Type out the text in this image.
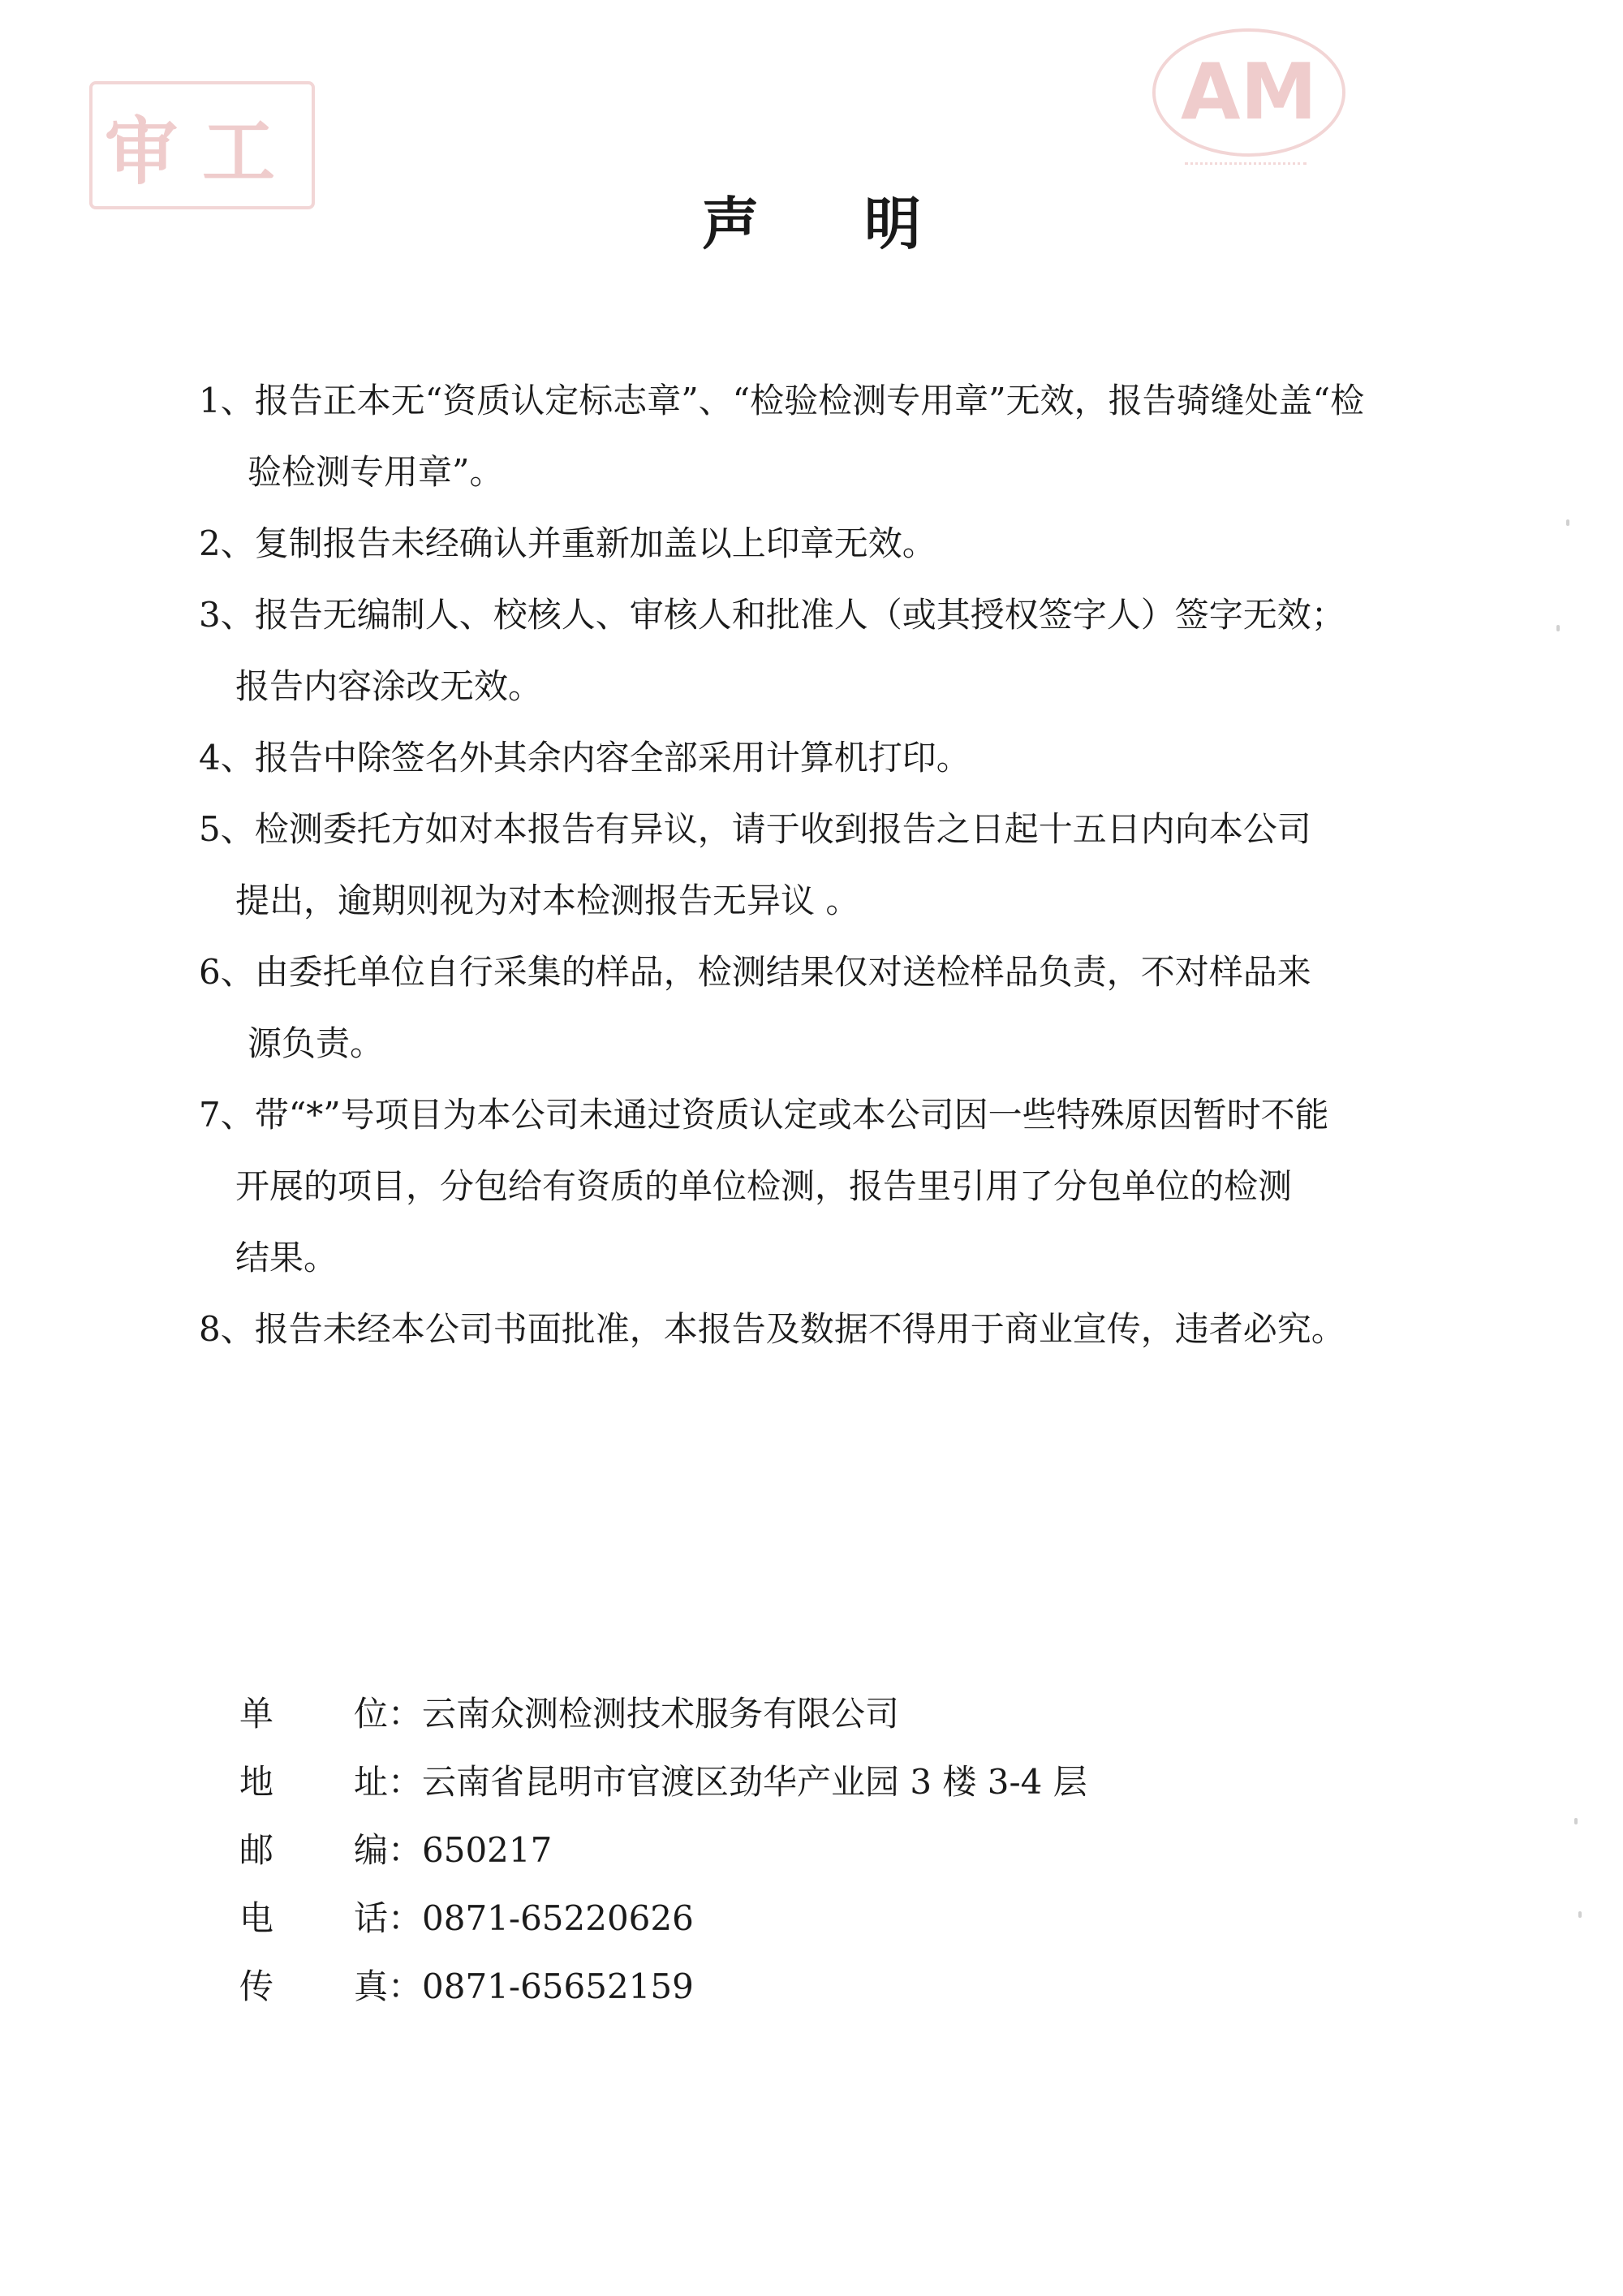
审工
AM
声明

1、报告正本无“资质认定标志章”、“检验检测专用章”无效，报告骑缝处盖“检
验检测专用章”。

2、复制报告未经确认并重新加盖以上印章无效。

3、报告无编制人、校核人、审核人和批准人（或其授权签字人）签字无效；
报告内容涂改无效。

4、报告中除签名外其余内容全部采用计算机打印。

5、检测委托方如对本报告有异议，请于收到报告之日起十五日内向本公司
提出，逾期则视为对本检测报告无异议 。

6、由委托单位自行采集的样品，检测结果仅对送检样品负责，不对样品来
源负责。

7、带“*”号项目为本公司未通过资质认定或本公司因一些特殊原因暂时不能
开展的项目，分包给有资质的单位检测，报告里引用了分包单位的检测
结果。

8、报告未经本公司书面批准，本报告及数据不得用于商业宣传，违者必究。

单	位： 云南众测检测技术服务有限公司
地	址： 云南省昆明市官渡区劲华产业园 3 楼 3-4 层
邮	编： 650217
电	话： 0871-65220626
传	真： 0871-65652159
